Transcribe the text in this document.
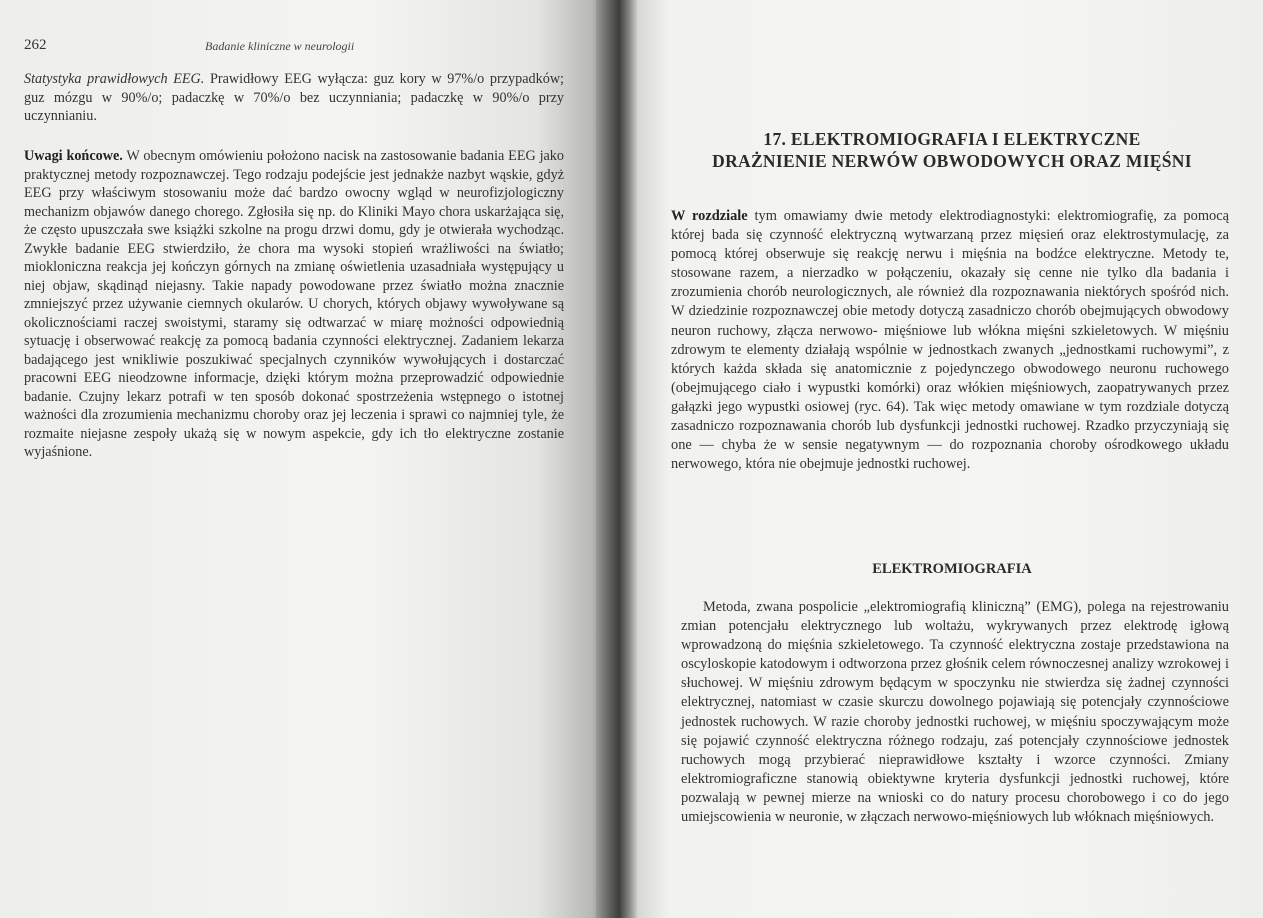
262	Badanie kliniczne w neurologii
Statystyka prawidłowych EEG. Prawidłowy EEG wyłącza: guz kory w 97%/o przypadków; guz mózgu w 90%/o; padaczkę w 70%/o bez uczynniania; padaczkę w 90%/o przy uczynnianiu.
Uwagi końcowe. W obecnym omówieniu położono nacisk na zastosowanie badania EEG jako praktycznej metody rozpoznawczej. Tego rodzaju podejście jest jednakże nazbyt wąskie, gdyż EEG przy właściwym stosowaniu może dać bardzo owocny wgląd w neurofizjologiczny mechanizm objawów danego chorego. Zgłosiła się np. do Kliniki Mayo chora uskarżająca się, że często upuszczała swe książki szkolne na progu drzwi domu, gdy je otwierała wychodząc. Zwykłe badanie EEG stwierdziło, że chora ma wysoki stopień wrażliwości na światło; miokloniczna reakcja jej kończyn górnych na zmianę oświetlenia uzasadniała występujący u niej objaw, skądinąd niejasny. Takie napady powodowane przez światło można znacznie zmniejszyć przez używanie ciemnych okularów. U chorych, których objawy wywoływane są okolicznościami raczej swoistymi, staramy się odtwarzać w miarę możności odpowiednią sytuację i obserwować reakcję za pomocą badania czynności elektrycznej. Zadaniem lekarza badającego jest wnikliwie poszukiwać specjalnych czynników wywołujących i dostarczać pracowni EEG nieodzowne informacje, dzięki którym można przeprowadzić odpowiednie badanie. Czujny lekarz potrafi w ten sposób dokonać spostrzeżenia wstępnego o istotnej ważności dla zrozumienia mechanizmu choroby oraz jej leczenia i sprawi co najmniej tyle, że rozmaite niejasne zespoły ukażą się w nowym aspekcie, gdy ich tło elektryczne zostanie wyjaśnione.
17. ELEKTROMIOGRAFIA I ELEKTRYCZNE
DRAŻNIENIE NERWÓW OBWODOWYCH ORAZ MIĘŚNI
W rozdziale tym omawiamy dwie metody elektrodiagnostyki: elektromiografię, za pomocą której bada się czynność elektryczną wytwarzaną przez mięsień oraz elektrostymulację, za pomocą której obserwuje się reakcję nerwu i mięśnia na bodźce elektryczne. Metody te, stosowane razem, a nierzadko w połączeniu, okazały się cenne nie tylko dla badania i zrozumienia chorób neurologicznych, ale również dla rozpoznawania niektórych spośród nich. W dziedzinie rozpoznawczej obie metody dotyczą zasadniczo chorób obejmujących obwodowy neuron ruchowy, złącza nerwowo- mięśniowe lub włókna mięśni szkieletowych. W mięśniu zdrowym te elementy działają wspólnie w jednostkach zwanych „jednostkami ruchowymi”, z których każda składa się anatomicznie z pojedynczego obwodowego neuronu ruchowego (obejmującego ciało i wypustki komórki) oraz włókien mięśniowych, zaopatrywanych przez gałązki jego wypustki osiowej (ryc. 64). Tak więc metody omawiane w tym rozdziale dotyczą zasadniczo rozpoznawania chorób lub dysfunkcji jednostki ruchowej. Rzadko przyczyniają się one — chyba że w sensie negatywnym — do rozpoznania choroby ośrodkowego układu nerwowego, która nie obejmuje jednostki ruchowej.
ELEKTROMIOGRAFIA
Metoda, zwana pospolicie „elektromiografią kliniczną” (EMG), polega na rejestrowaniu zmian potencjału elektrycznego lub woltażu, wykrywanych przez elektrodę igłową wprowadzoną do mięśnia szkieletowego. Ta czynność elektryczna zostaje przedstawiona na oscyloskopie katodowym i odtworzona przez głośnik celem równoczesnej analizy wzrokowej i słuchowej. W mięśniu zdrowym będącym w spoczynku nie stwierdza się żadnej czynności elektrycznej, natomiast w czasie skurczu dowolnego pojawiają się potencjały czynnościowe jednostek ruchowych. W razie choroby jednostki ruchowej, w mięśniu spoczywającym może się pojawić czynność elektryczna różnego rodzaju, zaś potencjały czynnościowe jednostek ruchowych mogą przybierać nieprawidłowe kształty i wzorce czynności. Zmiany elektromiograficzne stanowią obiektywne kryteria dysfunkcji jednostki ruchowej, które pozwalają w pewnej mierze na wnioski co do natury procesu chorobowego i co do jego umiejscowienia w neuronie, w złączach nerwowo-mięśniowych lub włóknach mięśniowych.
